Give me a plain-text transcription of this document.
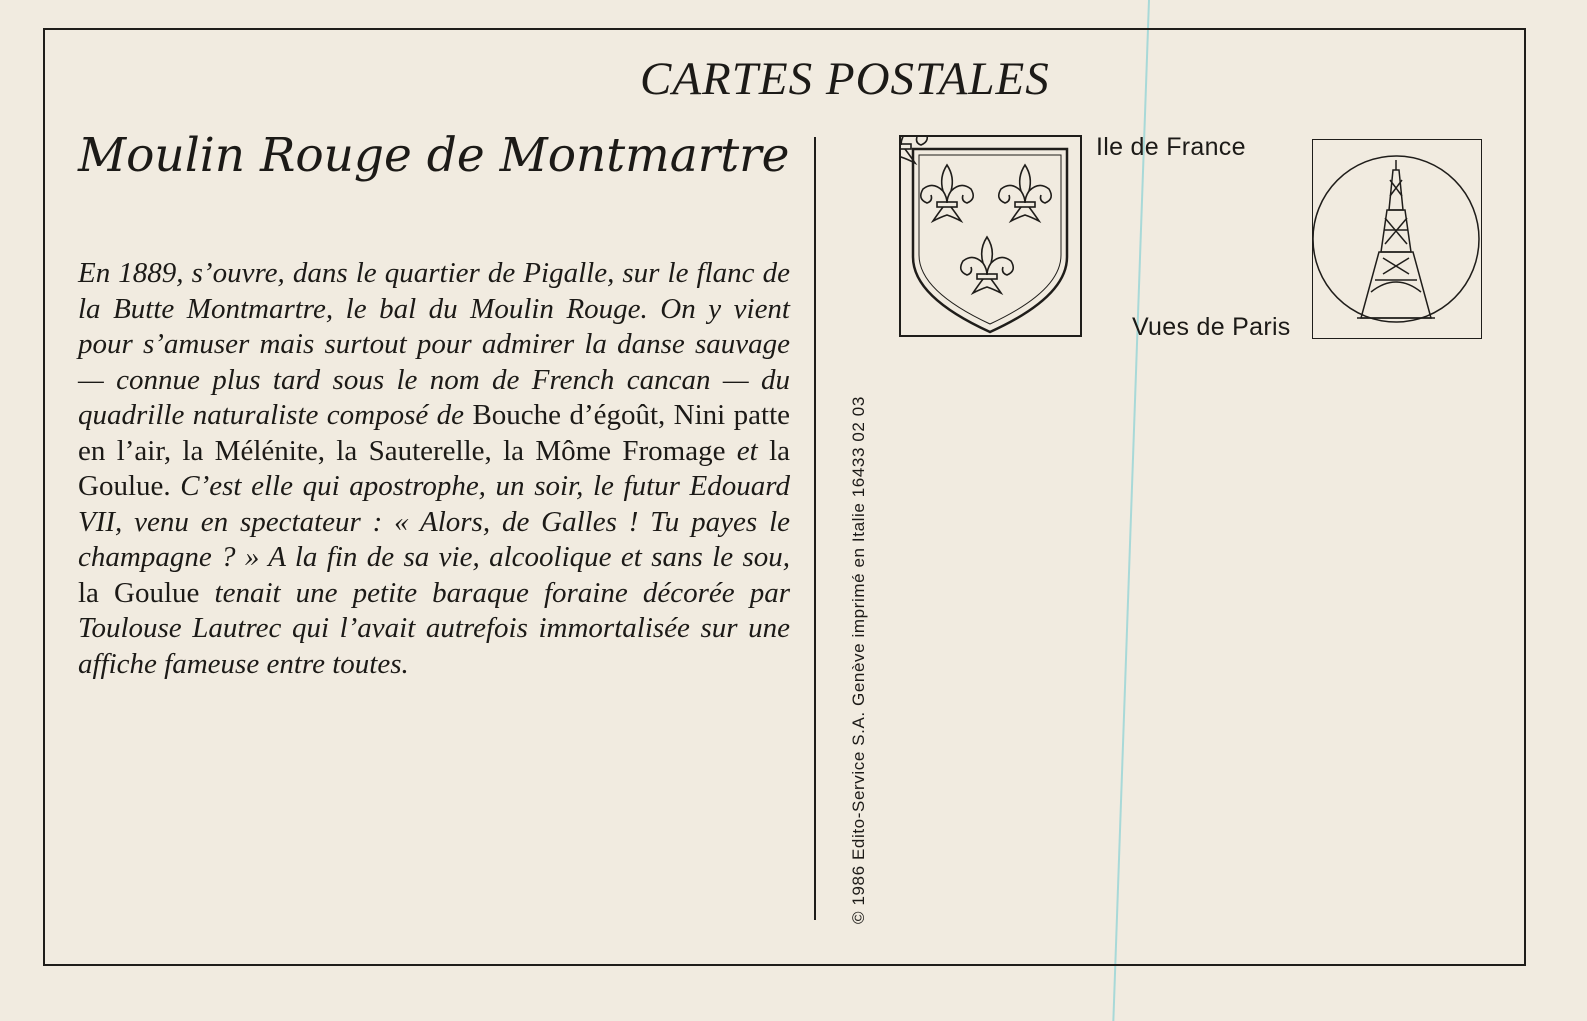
CARTES POSTALES
Moulin Rouge de Montmartre
En 1889, s’ouvre, dans le quartier de Pigalle, sur le flanc de la Butte Montmartre, le bal du Moulin Rouge. On y vient pour s’amuser mais surtout pour admirer la danse sauvage — connue plus tard sous le nom de French cancan — du quadrille naturaliste composé de Bouche d’égoût, Nini patte en l’air, la Mélénite, la Sauterelle, la Môme Fromage et la Goulue. C’est elle qui apostrophe, un soir, le futur Edouard VII, venu en spectateur : « Alors, de Galles ! Tu payes le champagne ? » A la fin de sa vie, alcoolique et sans le sou, la Goulue tenait une petite baraque foraine décorée par Toulouse Lautrec qui l’avait autrefois immortalisée sur une affiche fameuse entre toutes.	© 1986 Edito-Service S.A. Genève imprimé en Italie 16433 02 03
Ile de France
Vues de Paris
